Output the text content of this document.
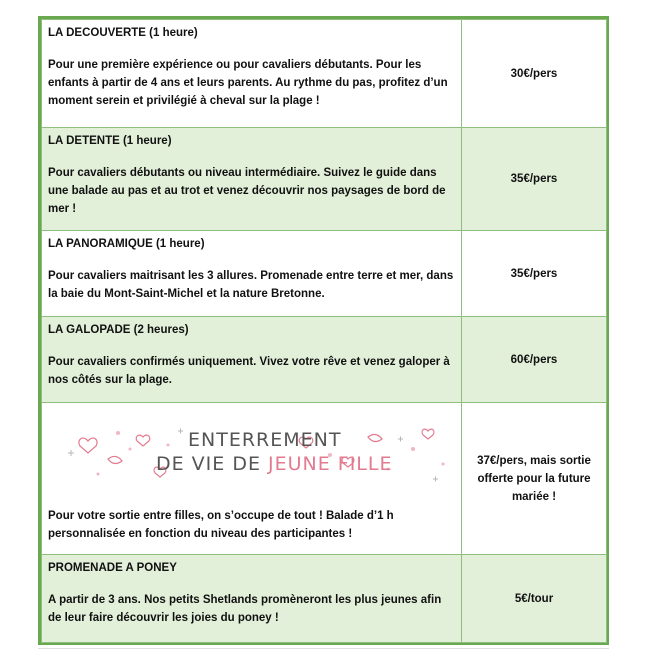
LA DECOUVERTE (1 heure)
Pour une première expérience ou pour cavaliers débutants. Pour les enfants à partir de 4 ans et leurs parents. Au rythme du pas, profitez d’un moment serein et privilégié à cheval sur la plage !	30€/pers

LA DETENTE (1 heure)
Pour cavaliers débutants ou niveau intermédiaire. Suivez le guide dans une balade au pas et au trot et venez découvrir nos paysages de bord de mer !	35€/pers

LA PANORAMIQUE (1 heure)
Pour cavaliers maitrisant les 3 allures. Promenade entre terre et mer, dans la baie du Mont-Saint-Michel et la nature Bretonne.	35€/pers

LA GALOPADE (2 heures)
Pour cavaliers confirmés uniquement. Vivez votre rêve et venez galoper à nos côtés sur la plage.	60€/pers

ENTERREMENT
DE VIE DE JEUNE FILLE
Pour votre sortie entre filles, on s’occupe de tout ! Balade d’1 h personnalisée en fonction du niveau des participantes !	37€/pers, mais sortie offerte pour la future mariée !

PROMENADE A PONEY
A partir de 3 ans. Nos petits Shetlands promèneront les plus jeunes afin de leur faire découvrir les joies du poney !	5€/tour
